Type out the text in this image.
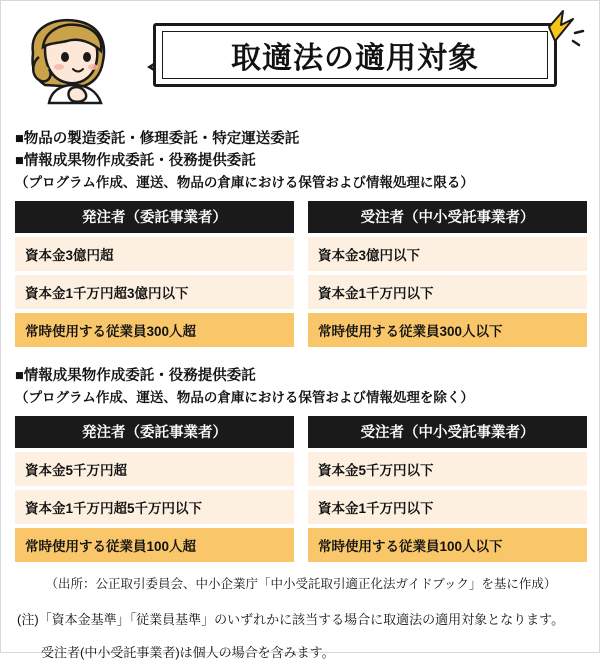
取適法の適用対象

■物品の製造委託・修理委託・特定運送委託

■情報成果物作成委託・役務提供委託

（プログラム作成、運送、物品の倉庫における保管および情報処理に限る）

発注者（委託事業者）
資本金3億円超
資本金1千万円超3億円以下
常時使用する従業員300人超
受注者（中小受託事業者）
資本金3億円以下
資本金1千万円以下
常時使用する従業員300人以下

■情報成果物作成委託・役務提供委託

（プログラム作成、運送、物品の倉庫における保管および情報処理を除く）

発注者（委託事業者）
資本金5千万円超
資本金1千万円超5千万円以下
常時使用する従業員100人超
受注者（中小受託事業者）
資本金5千万円以下
資本金1千万円以下
常時使用する従業員100人以下

（出所：公正取引委員会、中小企業庁「中小受託取引適正化法ガイドブック」を基に作成）

(注)「資本金基準」「従業員基準」のいずれかに該当する場合に取適法の適用対象となります。

受注者(中小受託事業者)は個人の場合を含みます。
